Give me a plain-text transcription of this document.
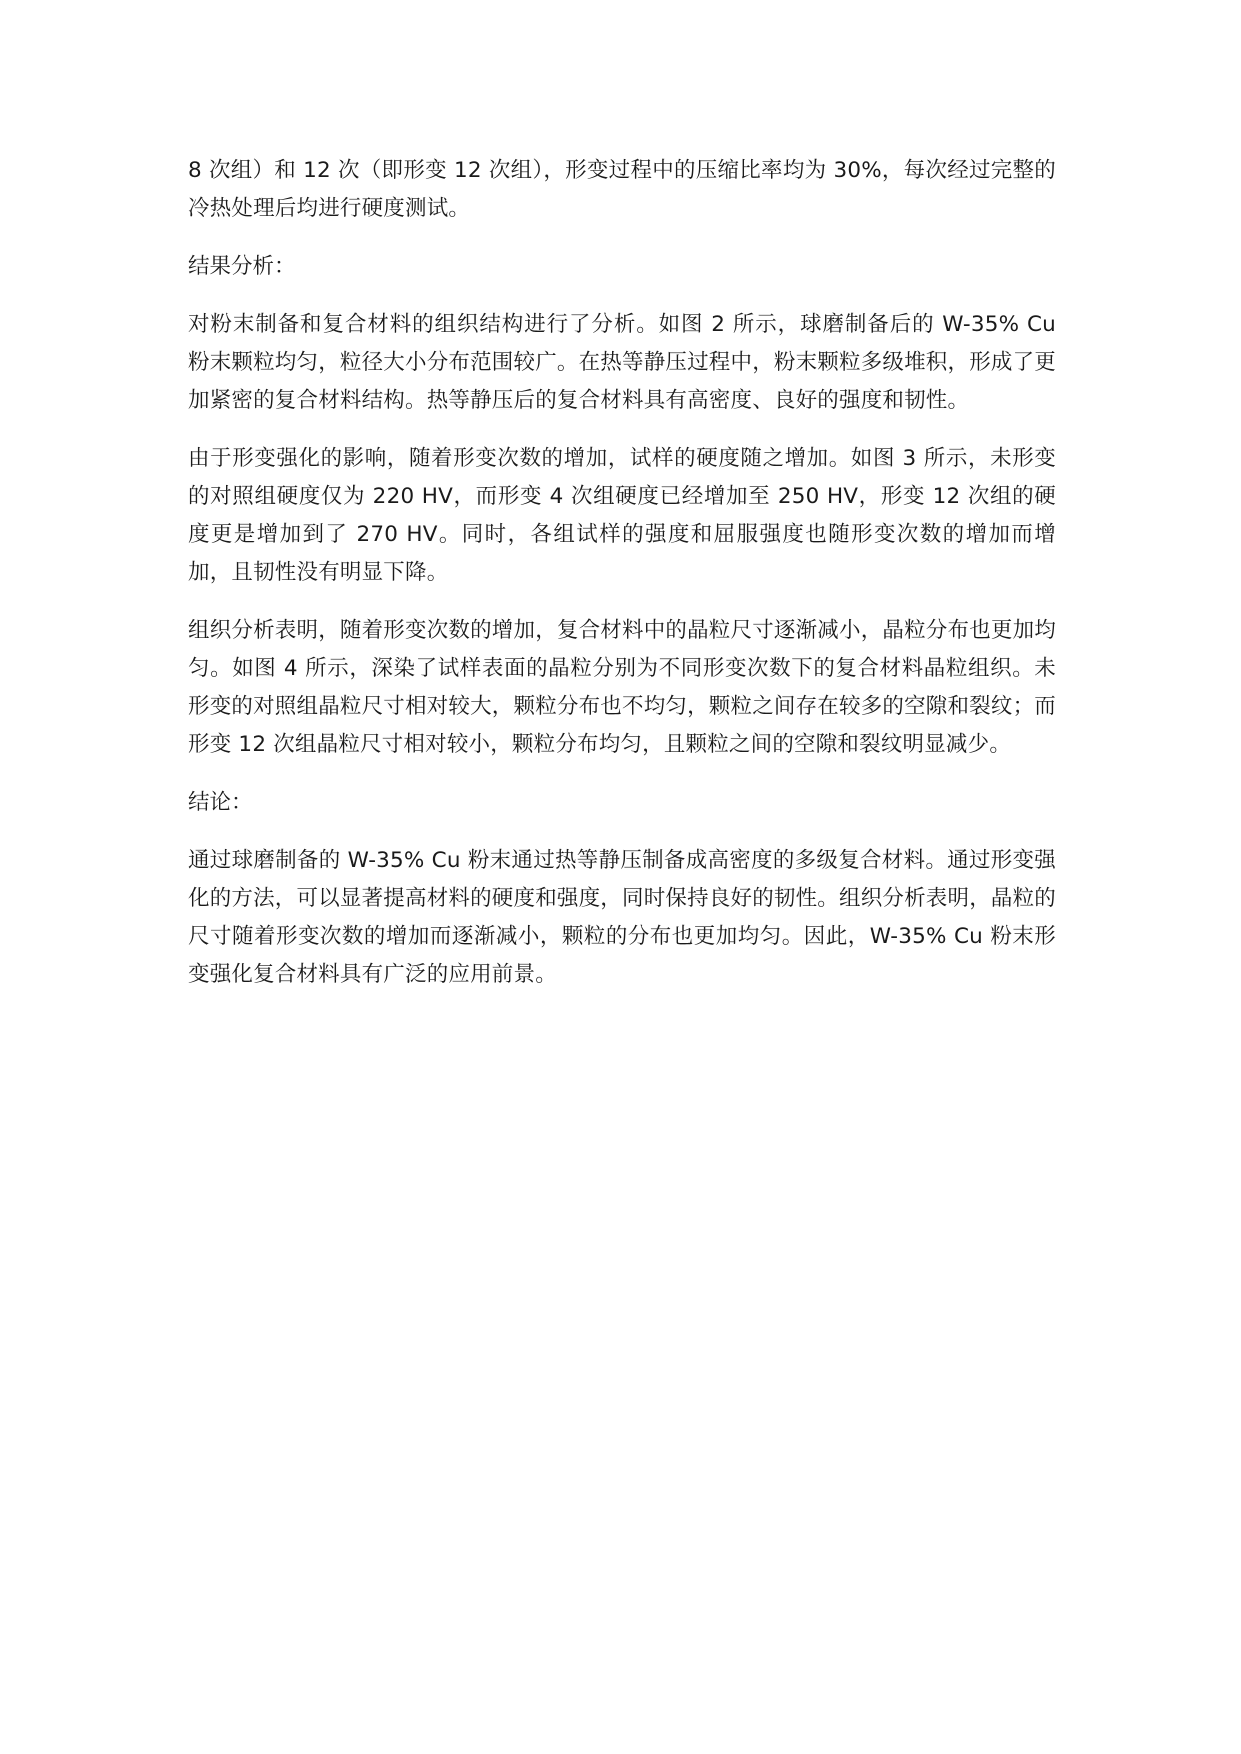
8 次组）和 12 次（即形变 12 次组），形变过程中的压缩比率均为 30%，每次经过完整的冷热处理后均进行硬度测试。

结果分析：

对粉末制备和复合材料的组织结构进行了分析。如图 2 所示，球磨制备后的 W-35% Cu 粉末颗粒均匀，粒径大小分布范围较广。在热等静压过程中，粉末颗粒多级堆积，形成了更加紧密的复合材料结构。热等静压后的复合材料具有高密度、良好的强度和韧性。

由于形变强化的影响，随着形变次数的增加，试样的硬度随之增加。如图 3 所示，未形变的对照组硬度仅为 220 HV，而形变 4 次组硬度已经增加至 250 HV，形变 12 次组的硬度更是增加到了 270 HV。同时，各组试样的强度和屈服强度也随形变次数的增加而增加，且韧性没有明显下降。

组织分析表明，随着形变次数的增加，复合材料中的晶粒尺寸逐渐减小，晶粒分布也更加均匀。如图 4 所示，深染了试样表面的晶粒分别为不同形变次数下的复合材料晶粒组织。未形变的对照组晶粒尺寸相对较大，颗粒分布也不均匀，颗粒之间存在较多的空隙和裂纹；而形变 12 次组晶粒尺寸相对较小，颗粒分布均匀，且颗粒之间的空隙和裂纹明显减少。

结论：

通过球磨制备的 W-35% Cu 粉末通过热等静压制备成高密度的多级复合材料。通过形变强化的方法，可以显著提高材料的硬度和强度，同时保持良好的韧性。组织分析表明，晶粒的尺寸随着形变次数的增加而逐渐减小，颗粒的分布也更加均匀。因此，W-35% Cu 粉末形变强化复合材料具有广泛的应用前景。
